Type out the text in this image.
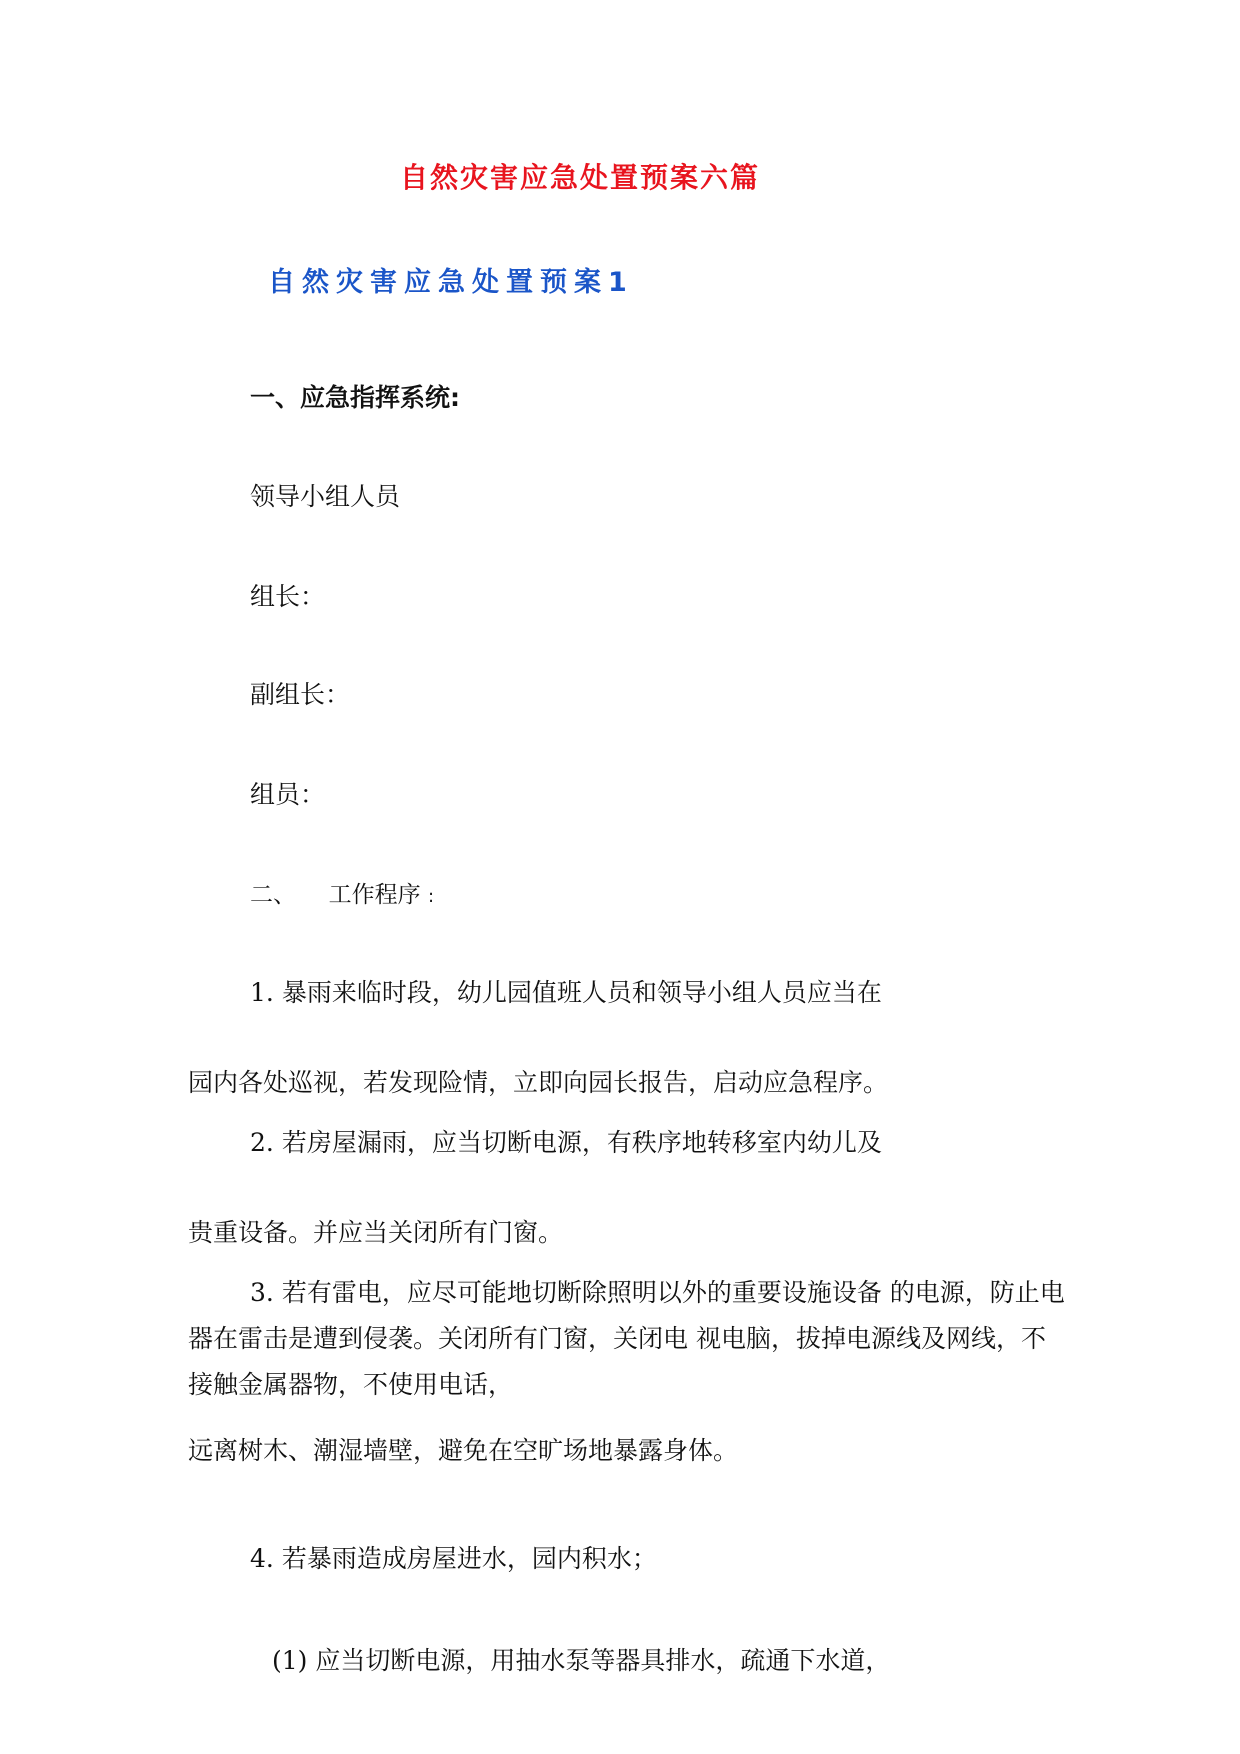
自然灾害应急处置预案六篇
自然灾害应急处置预案1
一、应急指挥系统:
领导小组人员
组长：
副组长：
组员：
二、 工作程序 :
1. 暴雨来临时段，幼儿园值班人员和领导小组人员应当在
园内各处巡视，若发现险情，立即向园长报告，启动应急程序。
2. 若房屋漏雨，应当切断电源，有秩序地转移室内幼儿及
贵重设备。并应当关闭所有门窗。
3. 若有雷电，应尽可能地切断除照明以外的重要设施设备 的电源，防止电
器在雷击是遭到侵袭。关闭所有门窗，关闭电 视电脑，拔掉电源线及网线，不
接触金属器物，不使用电话，
远离树木、潮湿墙壁，避免在空旷场地暴露身体。
4. 若暴雨造成房屋进水，园内积水；
(1) 应当切断电源，用抽水泵等器具排水，疏通下水道，
